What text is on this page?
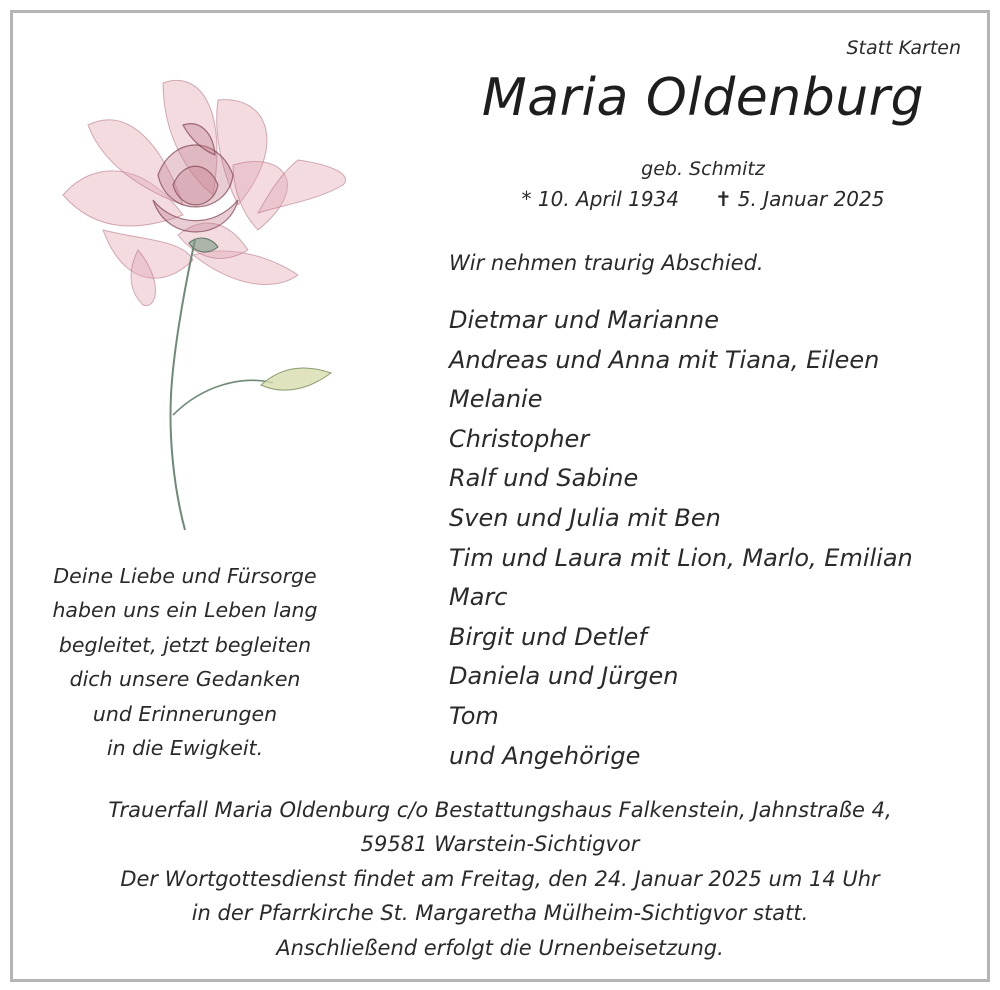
Statt Karten
Maria Oldenburg
geb. Schmitz
* 10. April 1934 ✝ 5. Januar 2025
Wir nehmen traurig Abschied.
Dietmar und Marianne
Andreas und Anna mit Tiana, Eileen
Melanie
Christopher
Ralf und Sabine
Sven und Julia mit Ben
Tim und Laura mit Lion, Marlo, Emilian
Marc
Birgit und Detlef
Daniela und Jürgen
Tom
und Angehörige
Deine Liebe und Fürsorge
haben uns ein Leben lang
begleitet, jetzt begleiten
dich unsere Gedanken
und Erinnerungen
in die Ewigkeit.
Trauerfall Maria Oldenburg c/o Bestattungshaus Falkenstein, Jahnstraße 4,
59581 Warstein-Sichtigvor
Der Wortgottesdienst findet am Freitag, den 24. Januar 2025 um 14 Uhr
in der Pfarrkirche St. Margaretha Mülheim-Sichtigvor statt.
Anschließend erfolgt die Urnenbeisetzung.
